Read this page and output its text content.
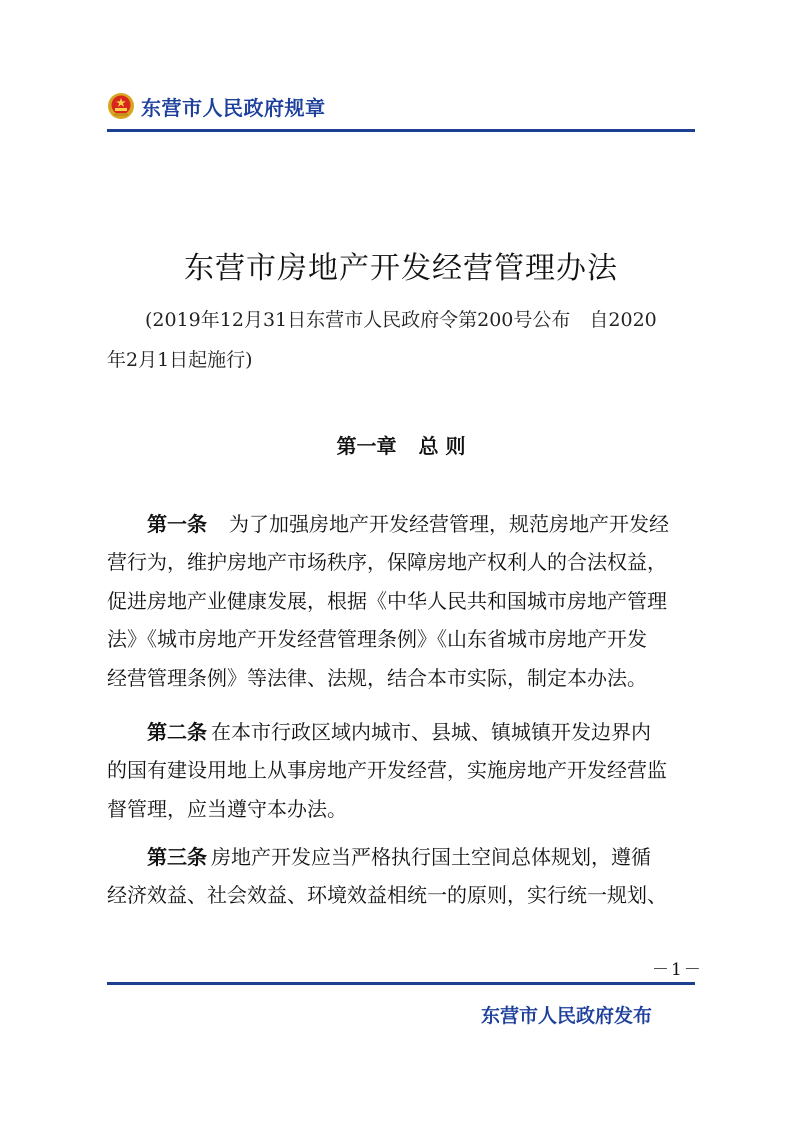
东营市人民政府规章
东营市房地产开发经营管理办法
(2019年12月31日东营市人民政府令第200号公布　自2020
年2月1日起施行)
第一章 总 则
第一条 为了加强房地产开发经营管理，规范房地产开发经
营行为，维护房地产市场秩序，保障房地产权利人的合法权益，
促进房地产业健康发展，根据《中华人民共和国城市房地产管理
法》《城市房地产开发经营管理条例》《山东省城市房地产开发
经营管理条例》等法律、法规，结合本市实际，制定本办法。
第二条 在本市行政区域内城市、县城、镇城镇开发边界内
的国有建设用地上从事房地产开发经营，实施房地产开发经营监
督管理，应当遵守本办法。
第三条 房地产开发应当严格执行国土空间总体规划，遵循
经济效益、社会效益、环境效益相统一的原则，实行统一规划、
－1－
东营市人民政府发布
